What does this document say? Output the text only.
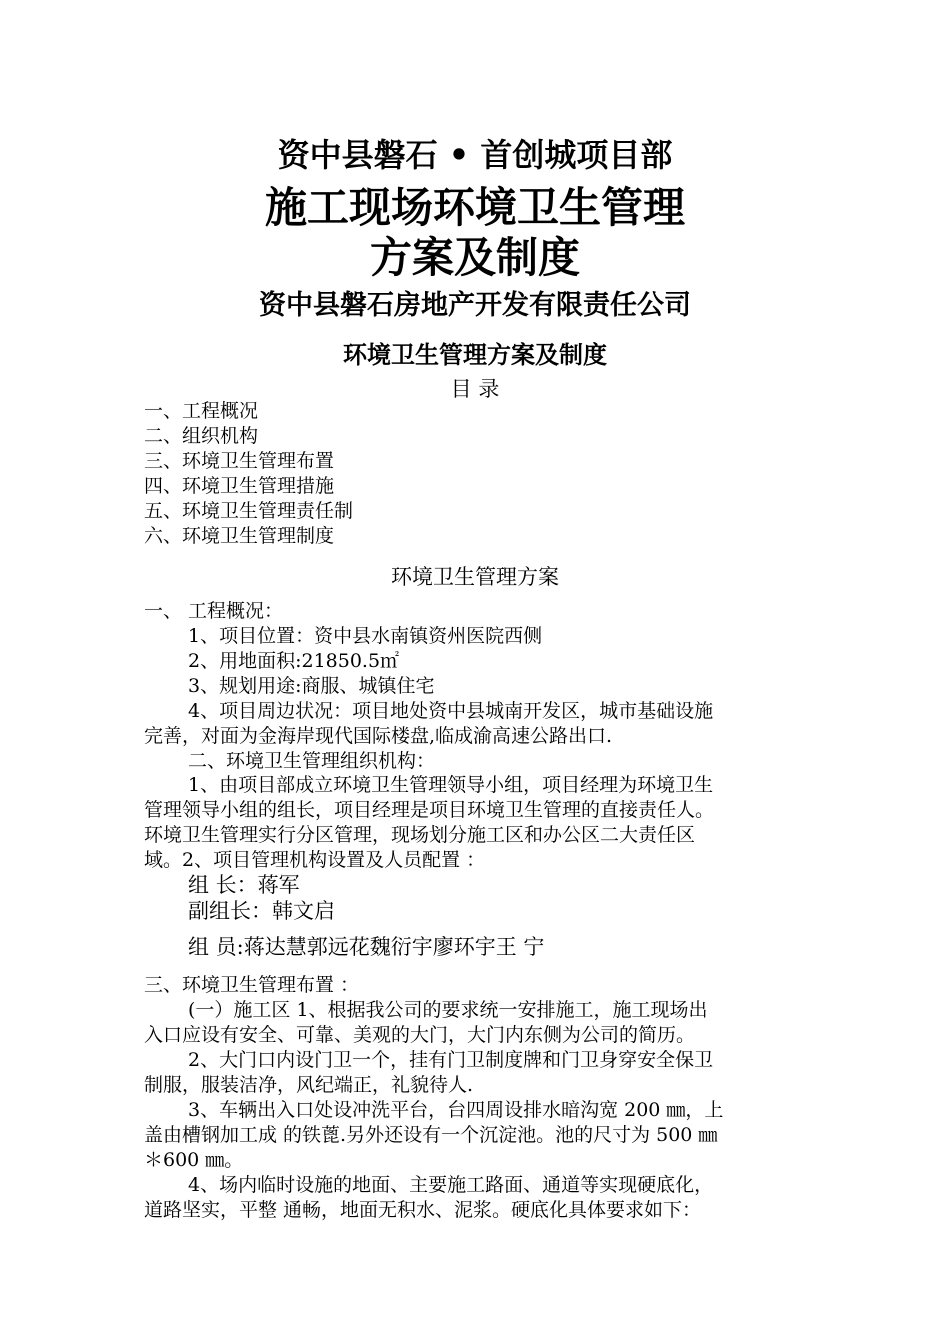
资中县磐石 • 首创城项目部
施工现场环境卫生管理
方案及制度
资中县磐石房地产开发有限责任公司
环境卫生管理方案及制度
目 录
一、工程概况
二、组织机构
三、环境卫生管理布置
四、环境卫生管理措施
五、环境卫生管理责任制
六、环境卫生管理制度
环境卫生管理方案
一、 工程概况：
1、项目位置：资中县水南镇资州医院西侧
2、用地面积:21850.5㎡
3、规划用途:商服、城镇住宅
4、项目周边状况：项目地处资中县城南开发区，城市基础设施
完善，对面为金海岸现代国际楼盘,临成渝高速公路出口.
二、环境卫生管理组织机构：
1、由项目部成立环境卫生管理领导小组，项目经理为环境卫生
管理领导小组的组长，项目经理是项目环境卫生管理的直接责任人。
环境卫生管理实行分区管理，现场划分施工区和办公区二大责任区
域。2、项目管理机构设置及人员配置 ：
组 长：蒋军
副组长：韩文启
组 员:蒋达慧郭远花魏衍宇廖环宇王 宁
三、环境卫生管理布置 ：
(一）施工区 1、根据我公司的要求统一安排施工，施工现场出
入口应设有安全、可靠、美观的大门，大门内东侧为公司的简历。
2、大门口内设门卫一个，挂有门卫制度牌和门卫身穿安全保卫
制服，服装洁净，风纪端正，礼貌待人.
3、车辆出入口处设冲洗平台，台四周设排水暗沟宽 200 ㎜，上
盖由槽钢加工成 的铁蓖.另外还设有一个沉淀池。池的尺寸为 500 ㎜
＊600 ㎜。
4、场内临时设施的地面、主要施工路面、通道等实现硬底化，
道路坚实，平整 通畅，地面无积水、泥浆。硬底化具体要求如下：
